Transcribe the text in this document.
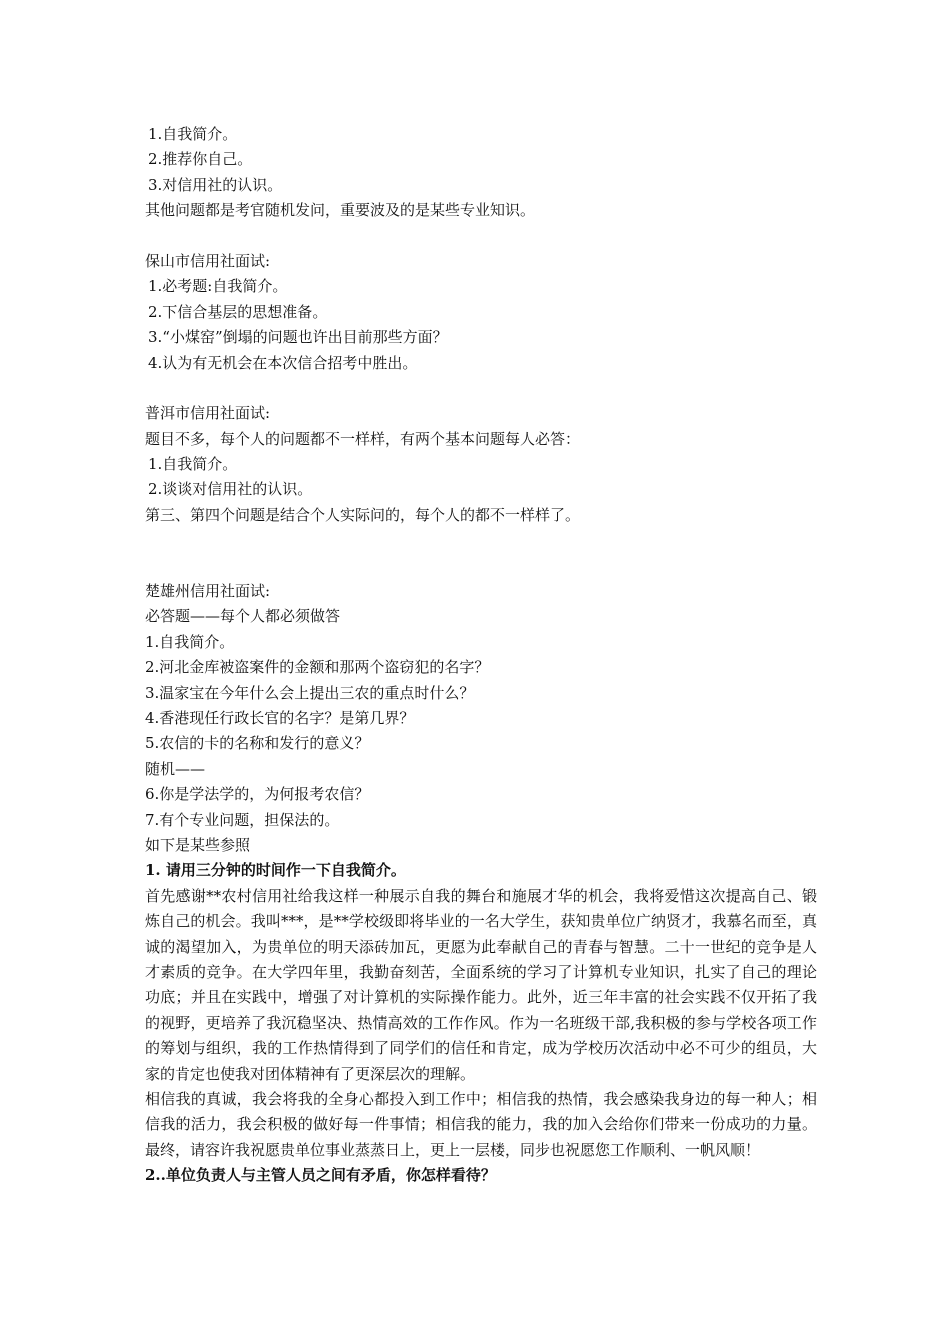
1.自我简介。
2.推荐你自己。
3.对信用社的认识。
其他问题都是考官随机发问，重要波及的是某些专业知识。
保山市信用社面试:
1.必考题:自我简介。
2.下信合基层的思想准备。
3.“小煤窑”倒塌的问题也许出目前那些方面？
4.认为有无机会在本次信合招考中胜出。
普洱市信用社面试:
题目不多，每个人的问题都不一样样，有两个基本问题每人必答：
1.自我简介。
2.谈谈对信用社的认识。
第三、第四个问题是结合个人实际问的，每个人的都不一样样了。
楚雄州信用社面试:
必答题——每个人都必须做答
1.自我简介。
2.河北金库被盗案件的金额和那两个盗窃犯的名字？
3.温家宝在今年什么会上提出三农的重点时什么？
4.香港现任行政长官的名字？是第几界？
5.农信的卡的名称和发行的意义？
随机——
6.你是学法学的，为何报考农信？
7.有个专业问题，担保法的。
如下是某些参照
1. 请用三分钟的时间作一下自我简介。
首先感谢**农村信用社给我这样一种展示自我的舞台和施展才华的机会，我将爱惜这次提高自己、锻炼自己的机会。我叫***，是**学校级即将毕业的一名大学生，获知贵单位广纳贤才，我慕名而至，真诚的渴望加入，为贵单位的明天添砖加瓦，更愿为此奉献自己的青春与智慧。二十一世纪的竞争是人才素质的竞争。在大学四年里，我勤奋刻苦，全面系统的学习了计算机专业知识，扎实了自己的理论功底；并且在实践中，增强了对计算机的实际操作能力。此外，近三年丰富的社会实践不仅开拓了我的视野，更培养了我沉稳坚决、热情高效的工作作风。作为一名班级干部,我积极的参与学校各项工作的筹划与组织，我的工作热情得到了同学们的信任和肯定，成为学校历次活动中必不可少的组员，大家的肯定也使我对团体精神有了更深层次的理解。
相信我的真诚，我会将我的全身心都投入到工作中；相信我的热情，我会感染我身边的每一种人；相信我的活力，我会积极的做好每一件事情；相信我的能力，我的加入会给你们带来一份成功的力量。最终，请容许我祝愿贵单位事业蒸蒸日上，更上一层楼，同步也祝愿您工作顺利、一帆风顺！
2..单位负责人与主管人员之间有矛盾，你怎样看待？
